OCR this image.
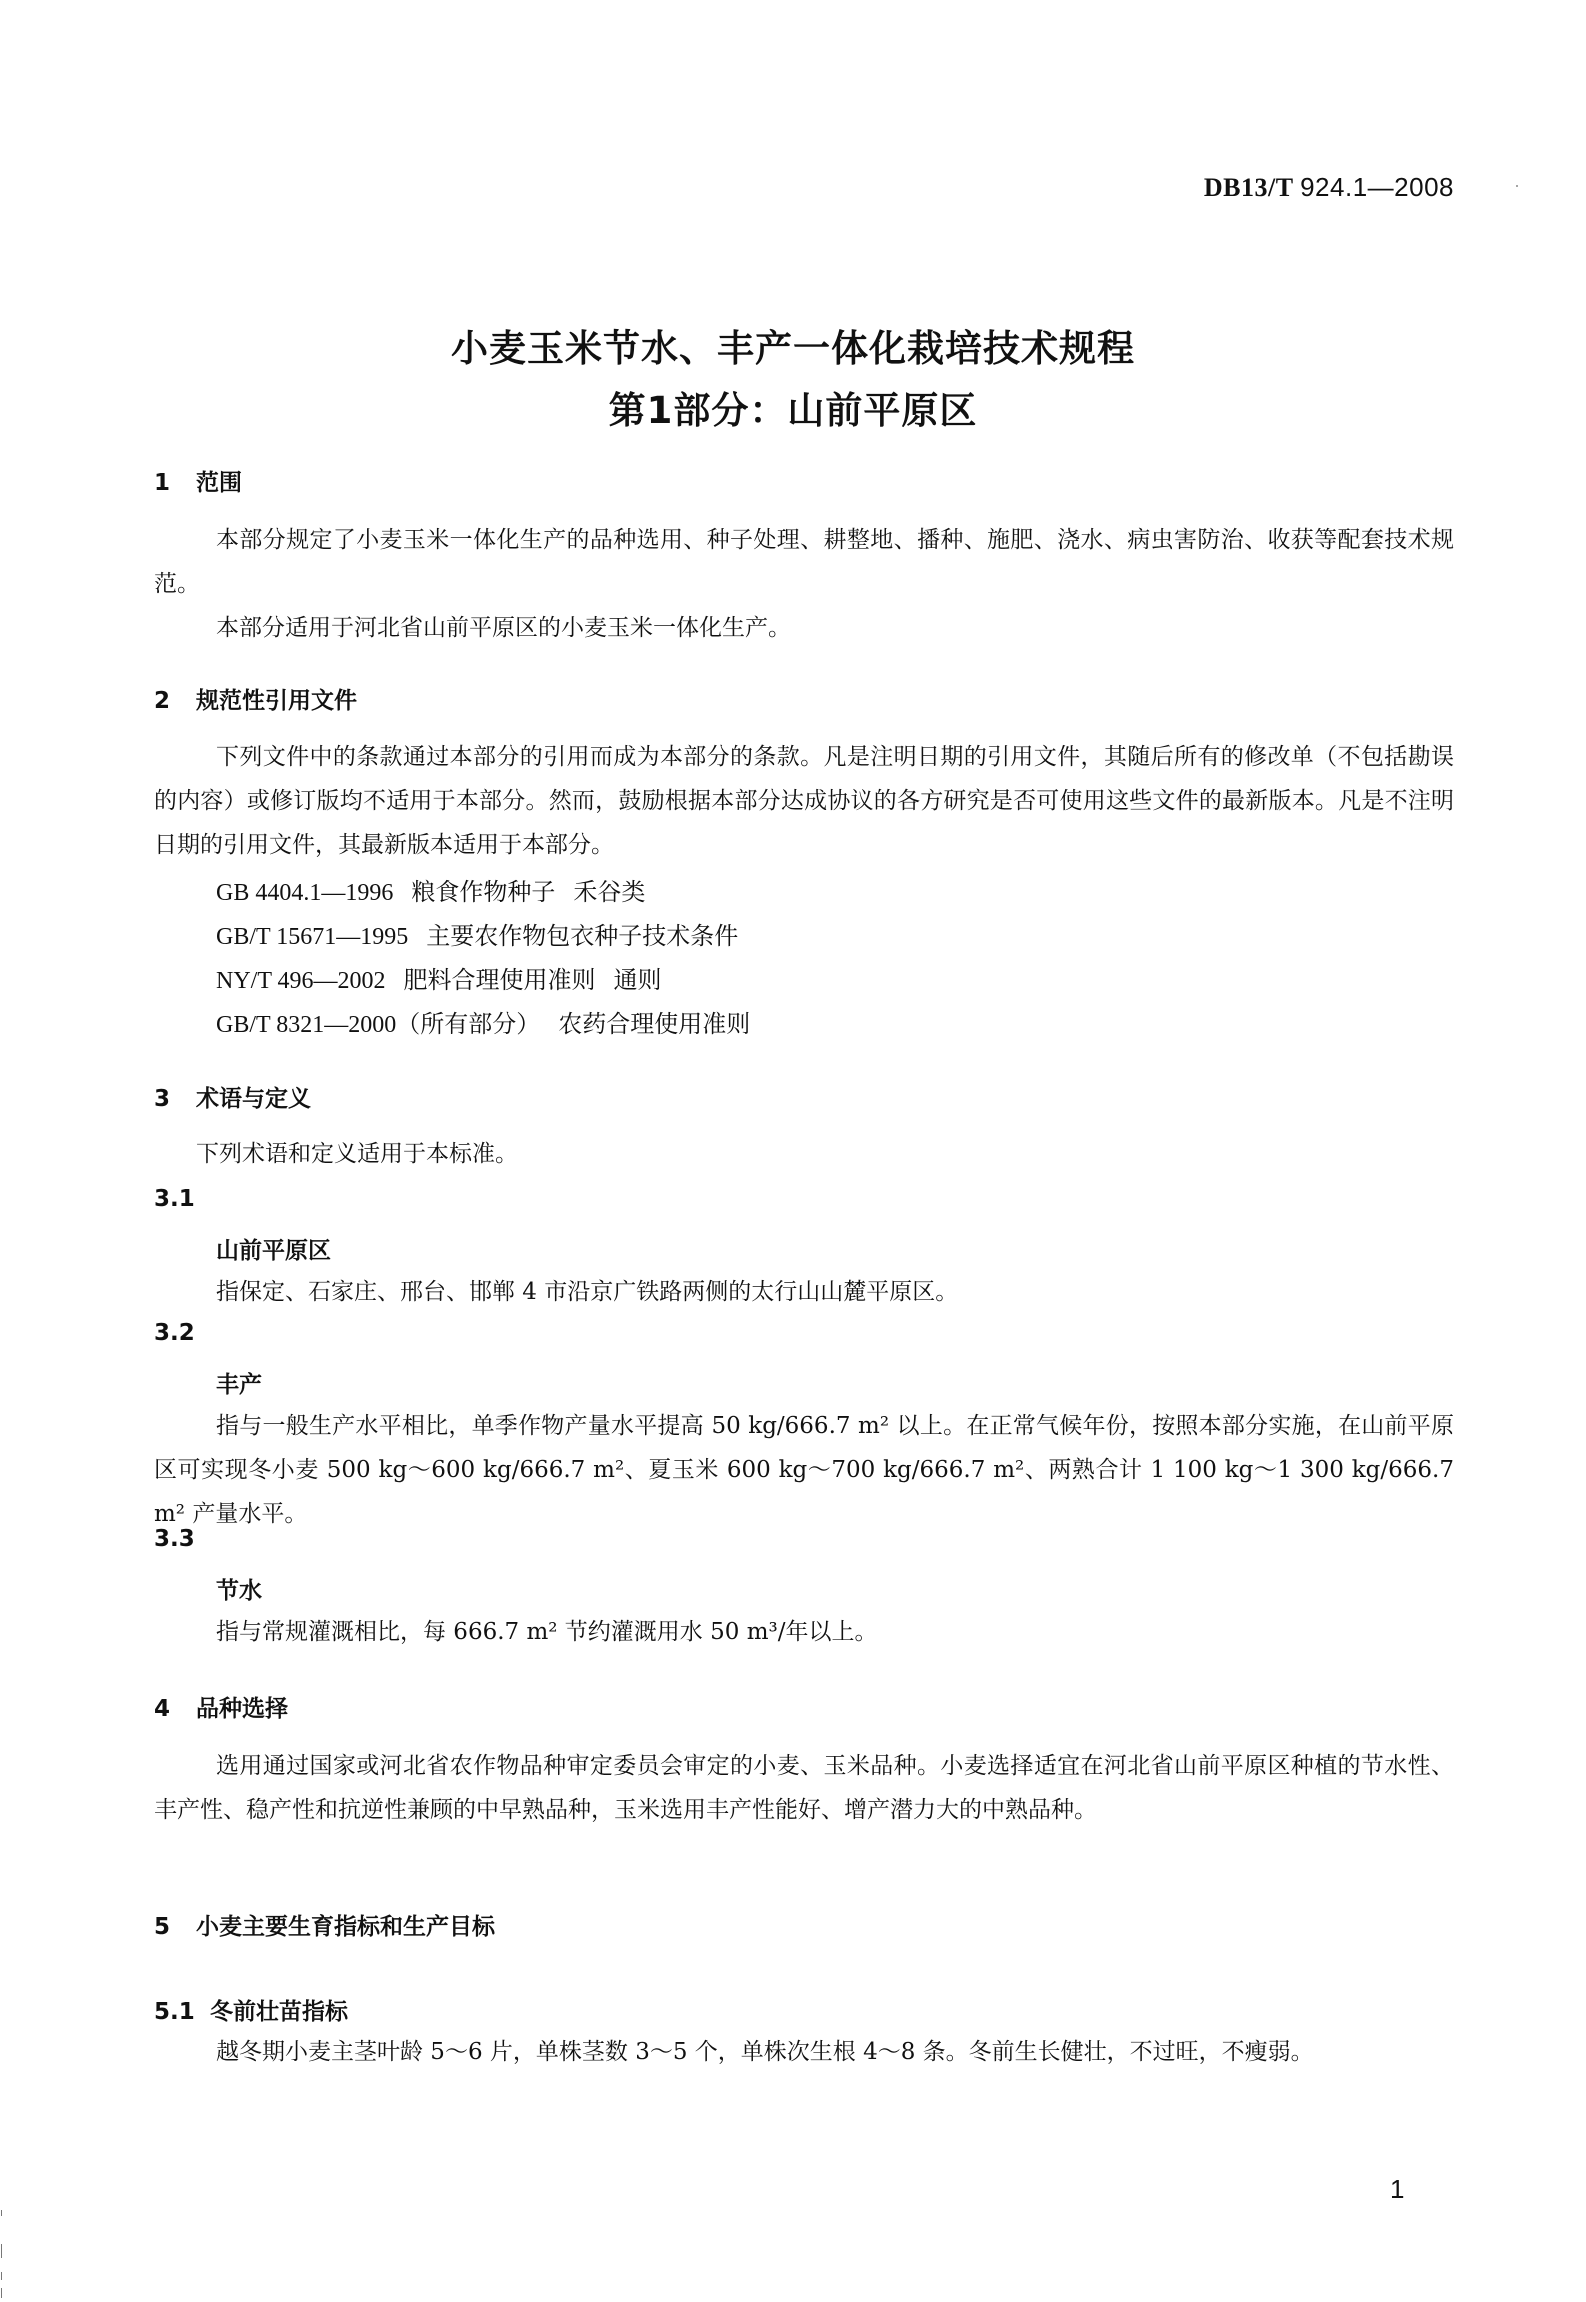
DB13/T 924.1—2008
小麦玉米节水、丰产一体化栽培技术规程
第1部分：山前平原区
1 范围
本部分规定了小麦玉米一体化生产的品种选用、种子处理、耕整地、播种、施肥、浇水、病虫害防治、收获等配套技术规范。
本部分适用于河北省山前平原区的小麦玉米一体化生产。
2 规范性引用文件
下列文件中的条款通过本部分的引用而成为本部分的条款。凡是注明日期的引用文件，其随后所有的修改单（不包括勘误的内容）或修订版均不适用于本部分。然而，鼓励根据本部分达成协议的各方研究是否可使用这些文件的最新版本。凡是不注明日期的引用文件，其最新版本适用于本部分。
GB 4404.1—1996   粮食作物种子   禾谷类
GB/T 15671—1995   主要农作物包衣种子技术条件
NY/T 496—2002   肥料合理使用准则   通则
GB/T 8321—2000（所有部分）   农药合理使用准则
3 术语与定义
下列术语和定义适用于本标准。
3.1
山前平原区
指保定、石家庄、邢台、邯郸 4 市沿京广铁路两侧的太行山山麓平原区。
3.2
丰产
指与一般生产水平相比，单季作物产量水平提高 50 kg/666.7 m² 以上。在正常气候年份，按照本部分实施，在山前平原区可实现冬小麦 500 kg～600 kg/666.7 m²、夏玉米 600 kg～700 kg/666.7 m²、两熟合计 1 100 kg～1 300 kg/666.7 m² 产量水平。
3.3
节水
指与常规灌溉相比，每 666.7 m² 节约灌溉用水 50 m³/年以上。
4 品种选择
选用通过国家或河北省农作物品种审定委员会审定的小麦、玉米品种。小麦选择适宜在河北省山前平原区种植的节水性、丰产性、稳产性和抗逆性兼顾的中早熟品种，玉米选用丰产性能好、增产潜力大的中熟品种。
5 小麦主要生育指标和生产目标
5.1 冬前壮苗指标
越冬期小麦主茎叶龄 5～6 片，单株茎数 3～5 个，单株次生根 4～8 条。冬前生长健壮，不过旺，不瘦弱。
1
